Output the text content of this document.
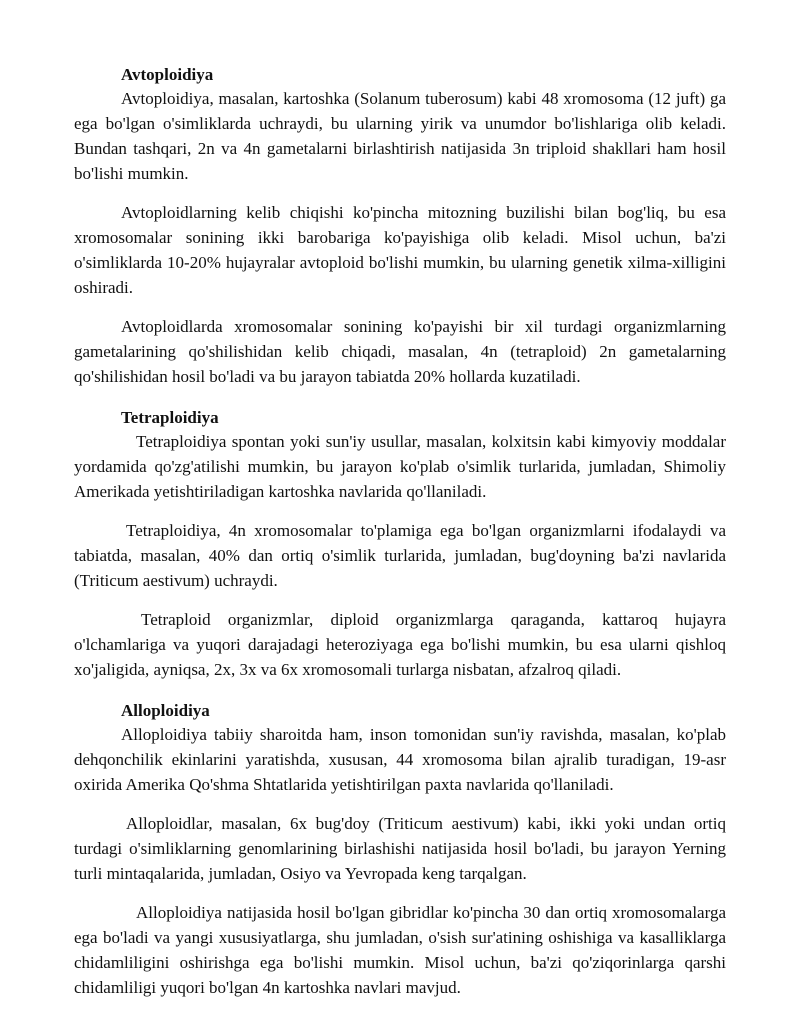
Avtoploidiya

Avtoploidiya, masalan, kartoshka (Solanum tuberosum) kabi 48 xromosoma (12 juft) ga ega bo'lgan o'simliklarda uchraydi, bu ularning yirik va unumdor bo'lishlariga olib keladi. Bundan tashqari, 2n va 4n gametalarni birlashtirish natijasida 3n triploid shakllari ham hosil bo'lishi mumkin.

Avtoploidlarning kelib chiqishi ko'pincha mitozning buzilishi bilan bog'liq, bu esa xromosomalar sonining ikki barobariga ko'payishiga olib keladi. Misol uchun, ba'zi o'simliklarda 10-20% hujayralar avtoploid bo'lishi mumkin, bu ularning genetik xilma-xilligini oshiradi.

Avtoploidlarda xromosomalar sonining ko'payishi bir xil turdagi organizmlarning gametalarining qo'shilishidan kelib chiqadi, masalan, 4n (tetraploid) 2n gametalarning qo'shilishidan hosil bo'ladi va bu jarayon tabiatda 20% hollarda kuzatiladi.

Tetraploidiya

Tetraploidiya spontan yoki sun'iy usullar, masalan, kolxitsin kabi kimyoviy moddalar yordamida qo'zg'atilishi mumkin, bu jarayon ko'plab o'simlik turlarida, jumladan, Shimoliy Amerikada yetishtiriladigan kartoshka navlarida qo'llaniladi.

Tetraploidiya, 4n xromosomalar to'plamiga ega bo'lgan organizmlarni ifodalaydi va tabiatda, masalan, 40% dan ortiq o'simlik turlarida, jumladan, bug'doyning ba'zi navlarida (Triticum aestivum) uchraydi.

Tetraploid organizmlar, diploid organizmlarga qaraganda, kattaroq hujayra o'lchamlariga va yuqori darajadagi heteroziyaga ega bo'lishi mumkin, bu esa ularni qishloq xo'jaligida, ayniqsa, 2x, 3x va 6x xromosomali turlarga nisbatan, afzalroq qiladi.

Alloploidiya

Alloploidiya tabiiy sharoitda ham, inson tomonidan sun'iy ravishda, masalan, ko'plab dehqonchilik ekinlarini yaratishda, xususan, 44 xromosoma bilan ajralib turadigan, 19-asr oxirida Amerika Qo'shma Shtatlarida yetishtirilgan paxta navlarida qo'llaniladi.

Alloploidlar, masalan, 6x bug'doy (Triticum aestivum) kabi, ikki yoki undan ortiq turdagi o'simliklarning genomlarining birlashishi natijasida hosil bo'ladi, bu jarayon Yerning turli mintaqalarida, jumladan, Osiyo va Yevropada keng tarqalgan.

Alloploidiya natijasida hosil bo'lgan gibridlar ko'pincha 30 dan ortiq xromosomalarga ega bo'ladi va yangi xususiyatlarga, shu jumladan, o'sish sur'atining oshishiga va kasalliklarga chidamliligini oshirishga ega bo'lishi mumkin. Misol uchun, ba'zi qo'ziqorinlarga qarshi chidamliligi yuqori bo'lgan 4n kartoshka navlari mavjud.
